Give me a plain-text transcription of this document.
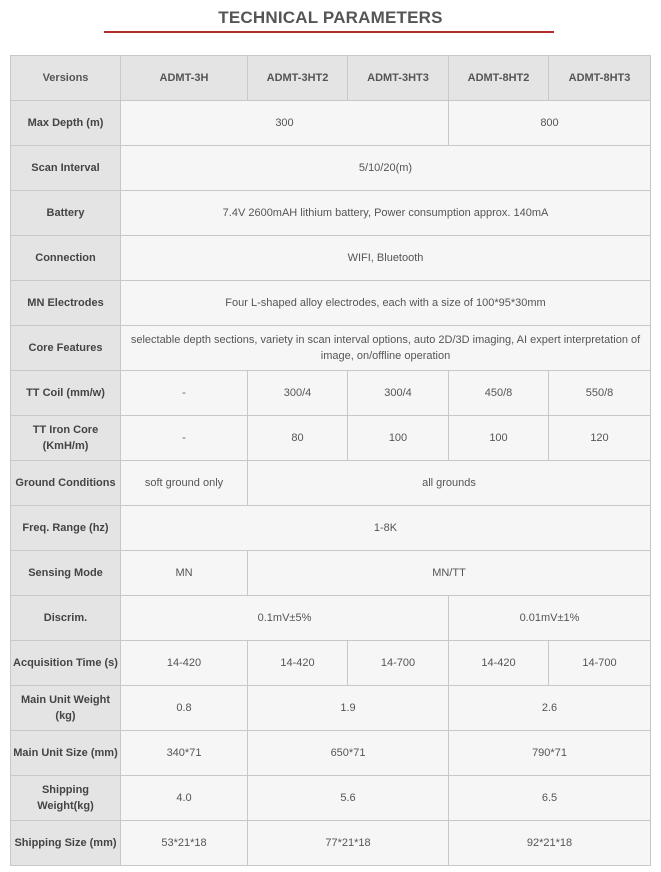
TECHNICAL PARAMETERS
Versions	ADMT-3H	ADMT-3HT2	ADMT-3HT3	ADMT-8HT2	ADMT-8HT3
Max Depth (m)	300			800	
Scan Interval	5/10/20(m)				
Battery	7.4V 2600mAH lithium battery, Power consumption approx. 140mA				
Connection	WIFI, Bluetooth				
MN Electrodes	Four L-shaped alloy electrodes, each with a size of 100*95*30mm				
Core Features	selectable depth sections, variety in scan interval options, auto 2D/3D imaging, AI expert interpretation of image, on/offline operation				
TT Coil (mm/w)	-	300/4	300/4	450/8	550/8
TT Iron Core (KmH/m)	-	80	100	100	120
Ground Conditions	soft ground only	all grounds			
Freq. Range (hz)	1-8K				
Sensing Mode	MN	MN/TT			
Discrim.	0.1mV±5%			0.01mV±1%	
Acquisition Time (s)	14-420	14-420	14-700	14-420	14-700
Main Unit Weight (kg)	0.8	1.9		2.6	
Main Unit Size (mm)	340*71	650*71		790*71	
Shipping Weight(kg)	4.0	5.6		6.5	
Shipping Size (mm)	53*21*18	77*21*18		92*21*18	
